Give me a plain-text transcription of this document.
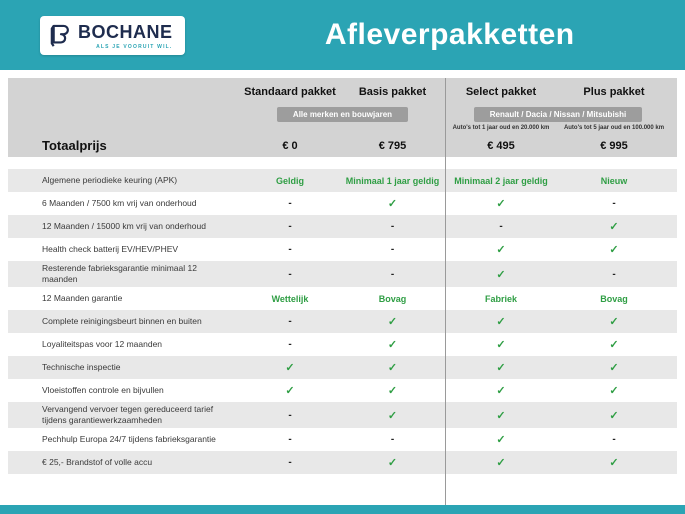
BOCHANE
ALS JE VOORUIT WIL.	Afleverpakketten
Standaard pakket	Basis pakket	Select pakket	Plus pakket
Alle merken en bouwjaren	Renault / Dacia / Nissan / Mitsubishi
Auto's tot 1 jaar oud en 20.000 km	Auto's tot 5 jaar oud en 100.000 km
Totaalprijs	€ 0	€ 795	€ 495	€ 995
Algemene periodieke keuring (APK)	Geldig	Minimaal 1 jaar geldig	Minimaal 2 jaar geldig	Nieuw
6 Maanden / 7500 km vrij van onderhoud	-	✓	✓	-
12 Maanden / 15000 km vrij van onderhoud	-	-	-	✓
Health check batterij EV/HEV/PHEV	-	-	✓	✓
Resterende fabrieksgarantie minimaal 12 maanden	-	-	✓	-
12 Maanden garantie	Wettelijk	Bovag	Fabriek	Bovag
Complete reinigingsbeurt binnen en buiten	-	✓	✓	✓
Loyaliteitspas voor 12 maanden	-	✓	✓	✓
Technische inspectie	✓	✓	✓	✓
Vloeistoffen controle en bijvullen	✓	✓	✓	✓
Vervangend vervoer tegen gereduceerd tarief tijdens garantiewerkzaamheden	-	✓	✓	✓
Pechhulp Europa 24/7 tijdens fabrieksgarantie	-	-	✓	-
€ 25,- Brandstof of volle accu	-	✓	✓	✓
